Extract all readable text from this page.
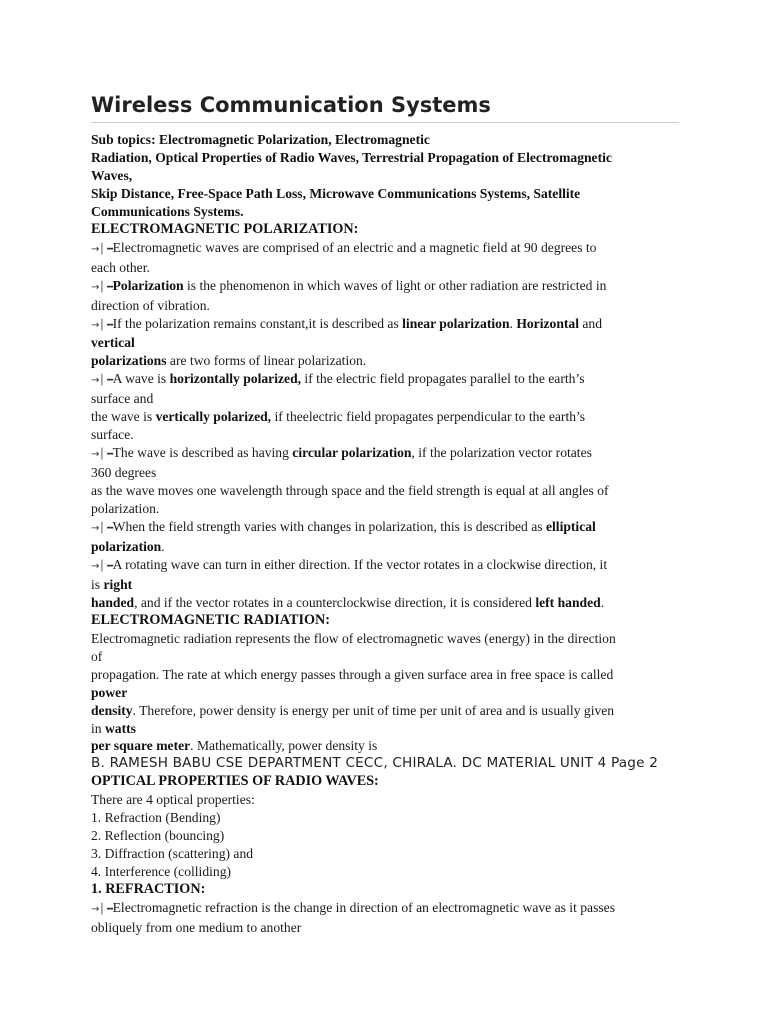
Wireless Communication Systems

Sub topics: Electromagnetic Polarization, Electromagnetic

Radiation, Optical Properties of Radio Waves, Terrestrial Propagation of Electromagnetic

Waves,

Skip Distance, Free-Space Path Loss, Microwave Communications Systems, Satellite

Communications Systems.

ELECTROMAGNETIC POLARIZATION:

→│ ━Electromagnetic waves are comprised of an electric and a magnetic field at 90 degrees to

each other.

→│ ━Polarization is the phenomenon in which waves of light or other radiation are restricted in

direction of vibration.

→│ ━If the polarization remains constant,it is described as linear polarization. Horizontal and

vertical

polarizations are two forms of linear polarization.

→│ ━A wave is horizontally polarized, if the electric field propagates parallel to the earth’s

surface and

the wave is vertically polarized, if theelectric field propagates perpendicular to the earth’s

surface.

→│ ━The wave is described as having circular polarization, if the polarization vector rotates

360 degrees

as the wave moves one wavelength through space and the field strength is equal at all angles of

polarization.

→│ ━When the field strength varies with changes in polarization, this is described as elliptical

polarization.

→│ ━A rotating wave can turn in either direction. If the vector rotates in a clockwise direction, it

is right

handed, and if the vector rotates in a counterclockwise direction, it is considered left handed.

ELECTROMAGNETIC RADIATION:

Electromagnetic radiation represents the flow of electromagnetic waves (energy) in the direction

of

propagation. The rate at which energy passes through a given surface area in free space is called

power

density. Therefore, power density is energy per unit of time per unit of area and is usually given

in watts

per square meter. Mathematically, power density is

B. RAMESH BABU CSE DEPARTMENT CECC, CHIRALA. DC MATERIAL UNIT 4 Page 2

OPTICAL PROPERTIES OF RADIO WAVES:

There are 4 optical properties:

1. Refraction (Bending)

2. Reflection (bouncing)

3. Diffraction (scattering) and

4. Interference (colliding)

1. REFRACTION:

→│ ━Electromagnetic refraction is the change in direction of an electromagnetic wave as it passes

obliquely from one medium to another
